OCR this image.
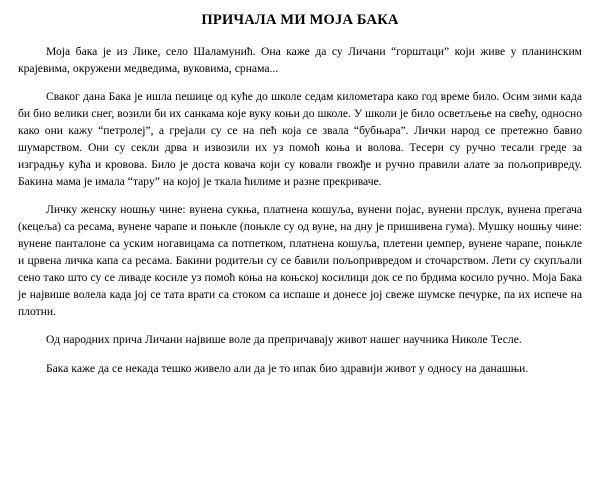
ПРИЧАЛА МИ МОЈА БАКА

Моја бака је из Лике, село Шаламунић. Она каже да су Личани “горштаци” који живе у планинским крајевима, окружени медведима, вуковима, срнама...

Сваког дана Бака је ишла пешице од куће до школе седам километара како год време било. Осим зими када би био велики снег, возили би их санкама које вуку коњи до школе. У школи је било осветљење на свећу, односно како они кажу “петролеј”, а грејали су се на пећ која се звала “бубњара”. Лички народ се претежно бавио шумарством. Они су секли дрва и извозили их уз помоћ коња и волова. Тесери су ручно тесали греде за изградњу кућа и кровова. Било је доста ковача који су ковали гвожђе и ручно правили алате за пољопривреду. Бакина мама је имала “тару” на којој је ткала ћилиме и разне прекриваче.

Личку женску ношњу чине: вунена сукња, платнена кошуља, вунени појас, вунени прслук, вунена прегача (кецеља) са ресама, вунене чарапе и поњкле (поњкле су од вуне, на дну је пришивена гума). Мушку ношњу чине: вунене панталоне са уским ногавицама са потпетком, платнена кошуља, плетени џемпер, вунене чарапе, поњкле и црвена личка капа са ресама. Бакини родитељи су се бавили пољопривредом и сточарством. Лети су скупљали сено тако што су се ливаде косиле уз помоћ коња на коњској косилици док се по брдима косило ручно. Моја Бака је највише волела када јој се тата врати са стоком са испаше и донесе јој свеже шумске печурке, па их испече на плотни.

Од народних прича Личани највише воле да препричавају живот нашег научника Николе Тесле.

Бака каже да се некада тешко живело али да је то ипак био здравији живот у односу на данашњи.
